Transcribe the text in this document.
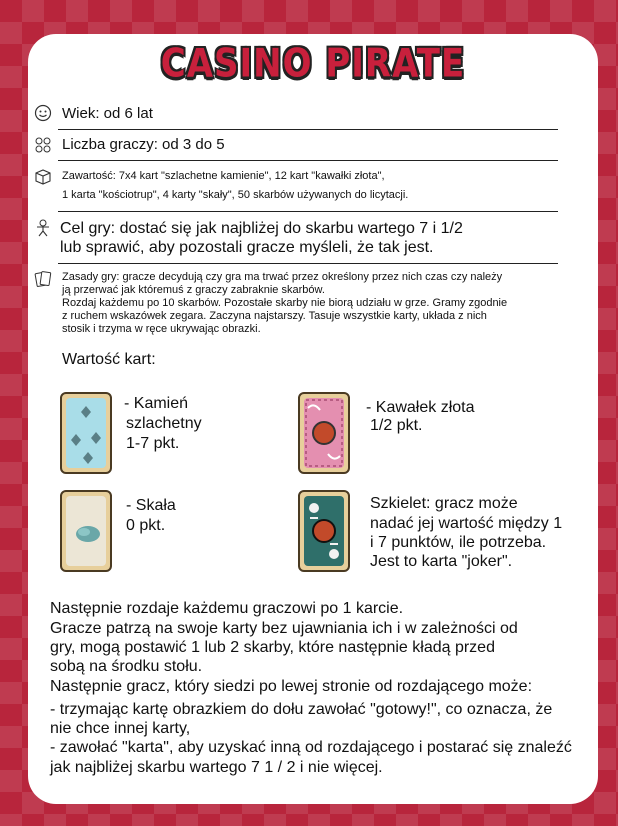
CASINO PIRATE
Wiek: od 6 lat
Liczba graczy: od 3 do 5
Zawartość: 7x4 kart "szlachetne kamienie", 12 kart "kawałki złota",
1 karta "kościotrup", 4 karty "skały", 50 skarbów używanych do licytacji.
Cel gry: dostać się jak najbliżej do skarbu wartego 7 i 1/2
lub sprawić, aby pozostali gracze myśleli, że tak jest.
Zasady gry: gracze decydują czy gra ma trwać przez określony przez nich czas czy należy
ją przerwać jak któremuś z graczy zabraknie skarbów.
Rozdaj każdemu po 10 skarbów. Pozostałe skarby nie biorą udziału w grze. Gramy zgodnie
z ruchem wskazówek zegara. Zaczyna najstarszy. Tasuje wszystkie karty, układa z nich
stosik i trzyma w ręce ukrywając obrazki.
Wartość kart:
- Kamień
szlachetny
1-7 pkt.
- Kawałek złota
1/2 pkt.
- Skała
0 pkt.
Szkielet: gracz może
nadać jej wartość między 1
i 7 punktów, ile potrzeba.
Jest to karta "joker".
Następnie rozdaje każdemu graczowi po 1 karcie.
Gracze patrzą na swoje karty bez ujawniania ich i w zależności od
gry, mogą postawić 1 lub 2 skarby, które następnie kładą przed
sobą na środku stołu.
Następnie gracz, który siedzi po lewej stronie od rozdającego może:
- trzymając kartę obrazkiem do dołu zawołać "gotowy!", co oznacza, że
nie chce innej karty,
- zawołać "karta", aby uzyskać inną od rozdającego i postarać się znaleźć
jak najbliżej skarbu wartego 7 1 / 2 i nie więcej.
